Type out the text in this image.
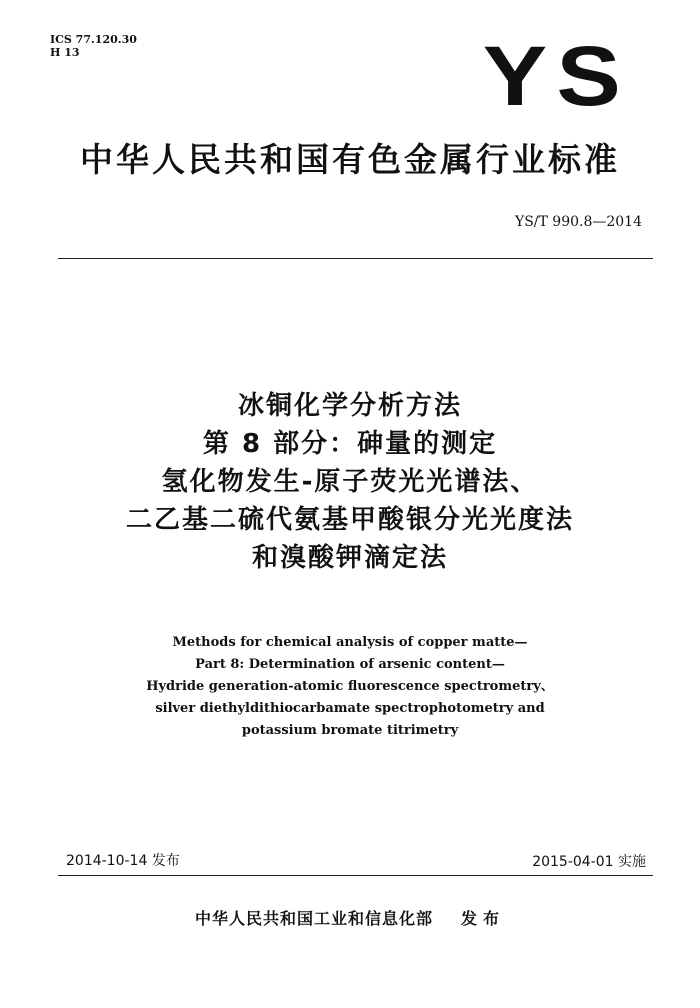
ICS 77.120.30
H 13	YS
中华人民共和国有色金属行业标准
YS/T 990.8—2014
冰铜化学分析方法
第 8 部分：砷量的测定
氢化物发生-原子荧光光谱法、
二乙基二硫代氨基甲酸银分光光度法
和溴酸钾滴定法
Methods for chemical analysis of copper matte—
Part 8: Determination of arsenic content—
Hydride generation-atomic fluorescence spectrometry、
silver diethyldithiocarbamate spectrophotometry and
potassium bromate titrimetry
2014-10-14 发布	2015-04-01 实施
中华人民共和国工业和信息化部 发布
